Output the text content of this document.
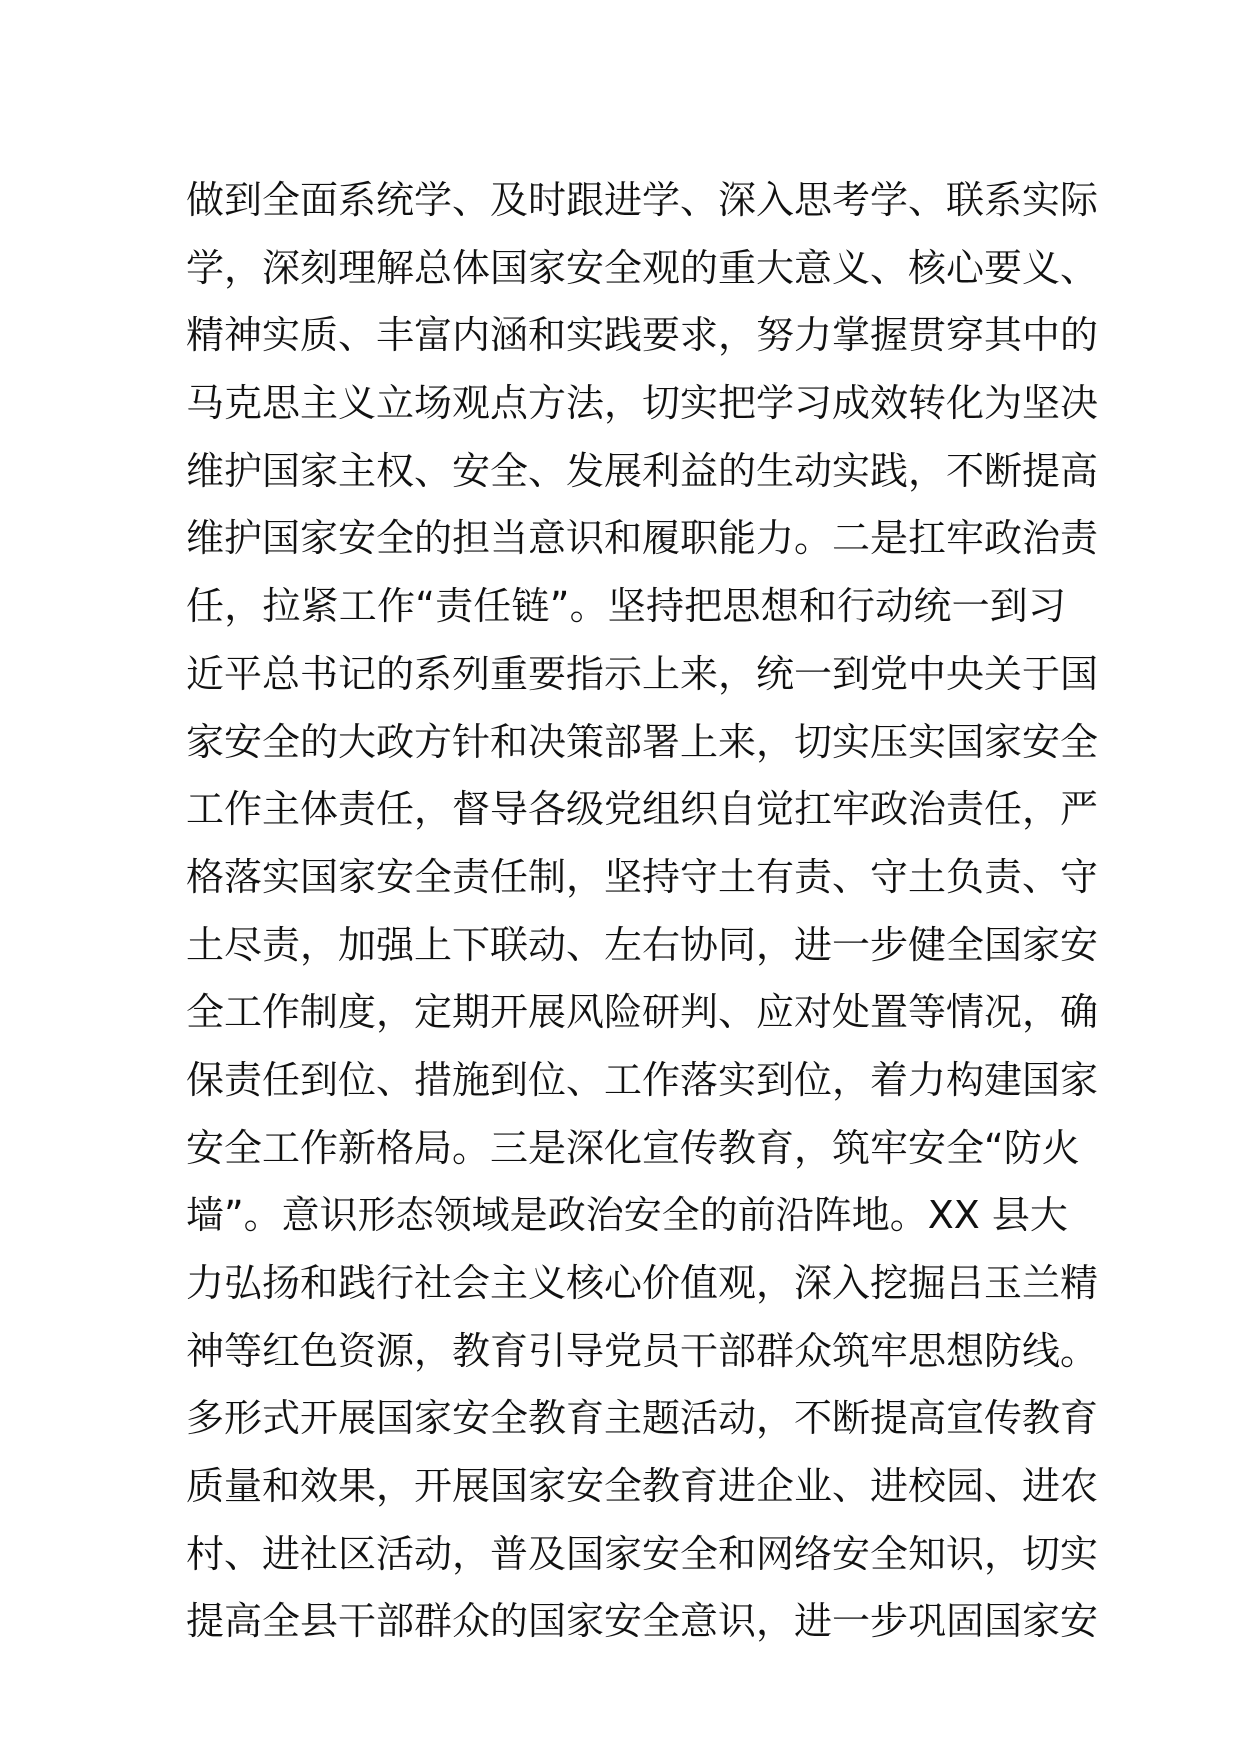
做到全面系统学、及时跟进学、深入思考学、联系实际
学，深刻理解总体国家安全观的重大意义、核心要义、
精神实质、丰富内涵和实践要求，努力掌握贯穿其中的
马克思主义立场观点方法，切实把学习成效转化为坚决
维护国家主权、安全、发展利益的生动实践，不断提高
维护国家安全的担当意识和履职能力。二是扛牢政治责
任，拉紧工作“责任链”。坚持把思想和行动统一到习
近平总书记的系列重要指示上来，统一到党中央关于国
家安全的大政方针和决策部署上来，切实压实国家安全
工作主体责任，督导各级党组织自觉扛牢政治责任，严
格落实国家安全责任制，坚持守土有责、守土负责、守
土尽责，加强上下联动、左右协同，进一步健全国家安
全工作制度，定期开展风险研判、应对处置等情况，确
保责任到位、措施到位、工作落实到位，着力构建国家
安全工作新格局。三是深化宣传教育，筑牢安全“防火
墙”。意识形态领域是政治安全的前沿阵地。XX 县大
力弘扬和践行社会主义核心价值观，深入挖掘吕玉兰精
神等红色资源，教育引导党员干部群众筑牢思想防线。
多形式开展国家安全教育主题活动，不断提高宣传教育
质量和效果，开展国家安全教育进企业、进校园、进农
村、进社区活动，普及国家安全和网络安全知识，切实
提高全县干部群众的国家安全意识，进一步巩固国家安
